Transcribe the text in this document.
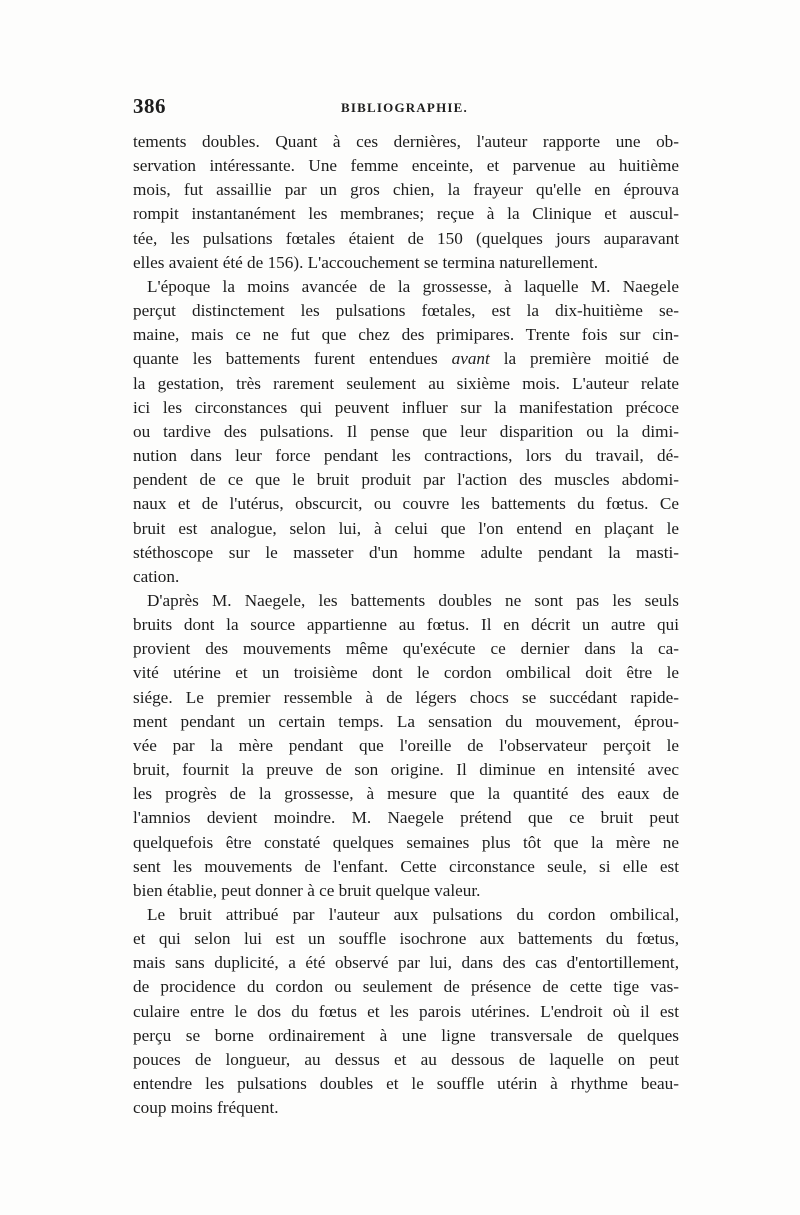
386	BIBLIOGRAPHIE.
tements doubles. Quant à ces dernières, l'auteur rapporte une ob-
servation intéressante. Une femme enceinte, et parvenue au huitième
mois, fut assaillie par un gros chien, la frayeur qu'elle en éprouva
rompit instantanément les membranes; reçue à la Clinique et auscul-
tée, les pulsations fœtales étaient de 150 (quelques jours auparavant
elles avaient été de 156). L'accouchement se termina naturellement.
L'époque la moins avancée de la grossesse, à laquelle M. Naegele
perçut distinctement les pulsations fœtales, est la dix-huitième se-
maine, mais ce ne fut que chez des primipares. Trente fois sur cin-
quante les battements furent entendues avant la première moitié de
la gestation, très rarement seulement au sixième mois. L'auteur relate
ici les circonstances qui peuvent influer sur la manifestation précoce
ou tardive des pulsations. Il pense que leur disparition ou la dimi-
nution dans leur force pendant les contractions, lors du travail, dé-
pendent de ce que le bruit produit par l'action des muscles abdomi-
naux et de l'utérus, obscurcit, ou couvre les battements du fœtus. Ce
bruit est analogue, selon lui, à celui que l'on entend en plaçant le
stéthoscope sur le masseter d'un homme adulte pendant la masti-
cation.
D'après M. Naegele, les battements doubles ne sont pas les seuls
bruits dont la source appartienne au fœtus. Il en décrit un autre qui
provient des mouvements même qu'exécute ce dernier dans la ca-
vité utérine et un troisième dont le cordon ombilical doit être le
siége. Le premier ressemble à de légers chocs se succédant rapide-
ment pendant un certain temps. La sensation du mouvement, éprou-
vée par la mère pendant que l'oreille de l'observateur perçoit le
bruit, fournit la preuve de son origine. Il diminue en intensité avec
les progrès de la grossesse, à mesure que la quantité des eaux de
l'amnios devient moindre. M. Naegele prétend que ce bruit peut
quelquefois être constaté quelques semaines plus tôt que la mère ne
sent les mouvements de l'enfant. Cette circonstance seule, si elle est
bien établie, peut donner à ce bruit quelque valeur.
Le bruit attribué par l'auteur aux pulsations du cordon ombilical,
et qui selon lui est un souffle isochrone aux battements du fœtus,
mais sans duplicité, a été observé par lui, dans des cas d'entortillement,
de procidence du cordon ou seulement de présence de cette tige vas-
culaire entre le dos du fœtus et les parois utérines. L'endroit où il est
perçu se borne ordinairement à une ligne transversale de quelques
pouces de longueur, au dessus et au dessous de laquelle on peut
entendre les pulsations doubles et le souffle utérin à rhythme beau-
coup moins fréquent.
